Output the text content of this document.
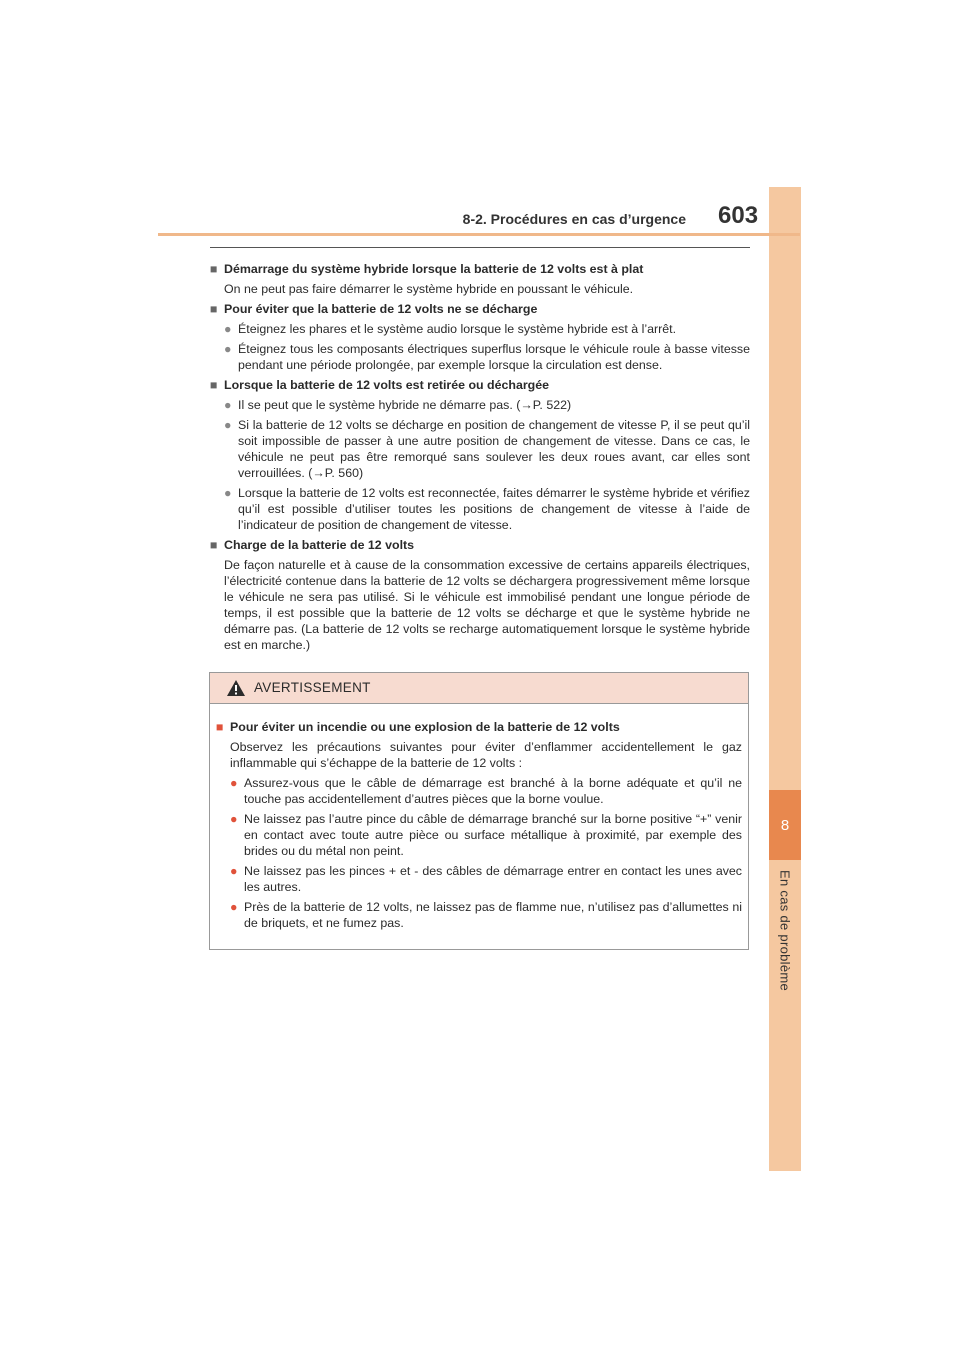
8
En cas de problème
8-2. Procédures en cas d’urgence 603
■ Démarrage du système hybride lorsque la batterie de 12 volts est à plat
On ne peut pas faire démarrer le système hybride en poussant le véhicule.
■ Pour éviter que la batterie de 12 volts ne se décharge
● Éteignez les phares et le système audio lorsque le système hybride est à l’arrêt.
● Éteignez tous les composants électriques superflus lorsque le véhicule roule à basse vitesse pendant une période prolongée, par exemple lorsque la circulation est dense.
■ Lorsque la batterie de 12 volts est retirée ou déchargée
● Il se peut que le système hybride ne démarre pas. (→P. 522)
● Si la batterie de 12 volts se décharge en position de changement de vitesse P, il se peut qu’il soit impossible de passer à une autre position de changement de vitesse. Dans ce cas, le véhicule ne peut pas être remorqué sans soulever les deux roues avant, car elles sont verrouillées. (→P. 560)
● Lorsque la batterie de 12 volts est reconnectée, faites démarrer le système hybride et vérifiez qu’il est possible d’utiliser toutes les positions de changement de vitesse à l’aide de l’indicateur de position de changement de vitesse.
■ Charge de la batterie de 12 volts
De façon naturelle et à cause de la consommation excessive de certains appareils électriques, l’électricité contenue dans la batterie de 12 volts se déchargera progressivement même lorsque le véhicule ne sera pas utilisé. Si le véhicule est immobilisé pendant une longue période de temps, il est possible que la batterie de 12 volts se décharge et que le système hybride ne démarre pas. (La batterie de 12 volts se recharge automatiquement lorsque le système hybride est en marche.)
AVERTISSEMENT
■ Pour éviter un incendie ou une explosion de la batterie de 12 volts
Observez les précautions suivantes pour éviter d’enflammer accidentellement le gaz inflammable qui s’échappe de la batterie de 12 volts :
● Assurez-vous que le câble de démarrage est branché à la borne adéquate et qu’il ne touche pas accidentellement d’autres pièces que la borne voulue.
● Ne laissez pas l’autre pince du câble de démarrage branché sur la borne positive “+” venir en contact avec toute autre pièce ou surface métallique à proximité, par exemple des brides ou du métal non peint.
● Ne laissez pas les pinces + et - des câbles de démarrage entrer en contact les unes avec les autres.
● Près de la batterie de 12 volts, ne laissez pas de flamme nue, n’utilisez pas d’allumettes ni de briquets, et ne fumez pas.
